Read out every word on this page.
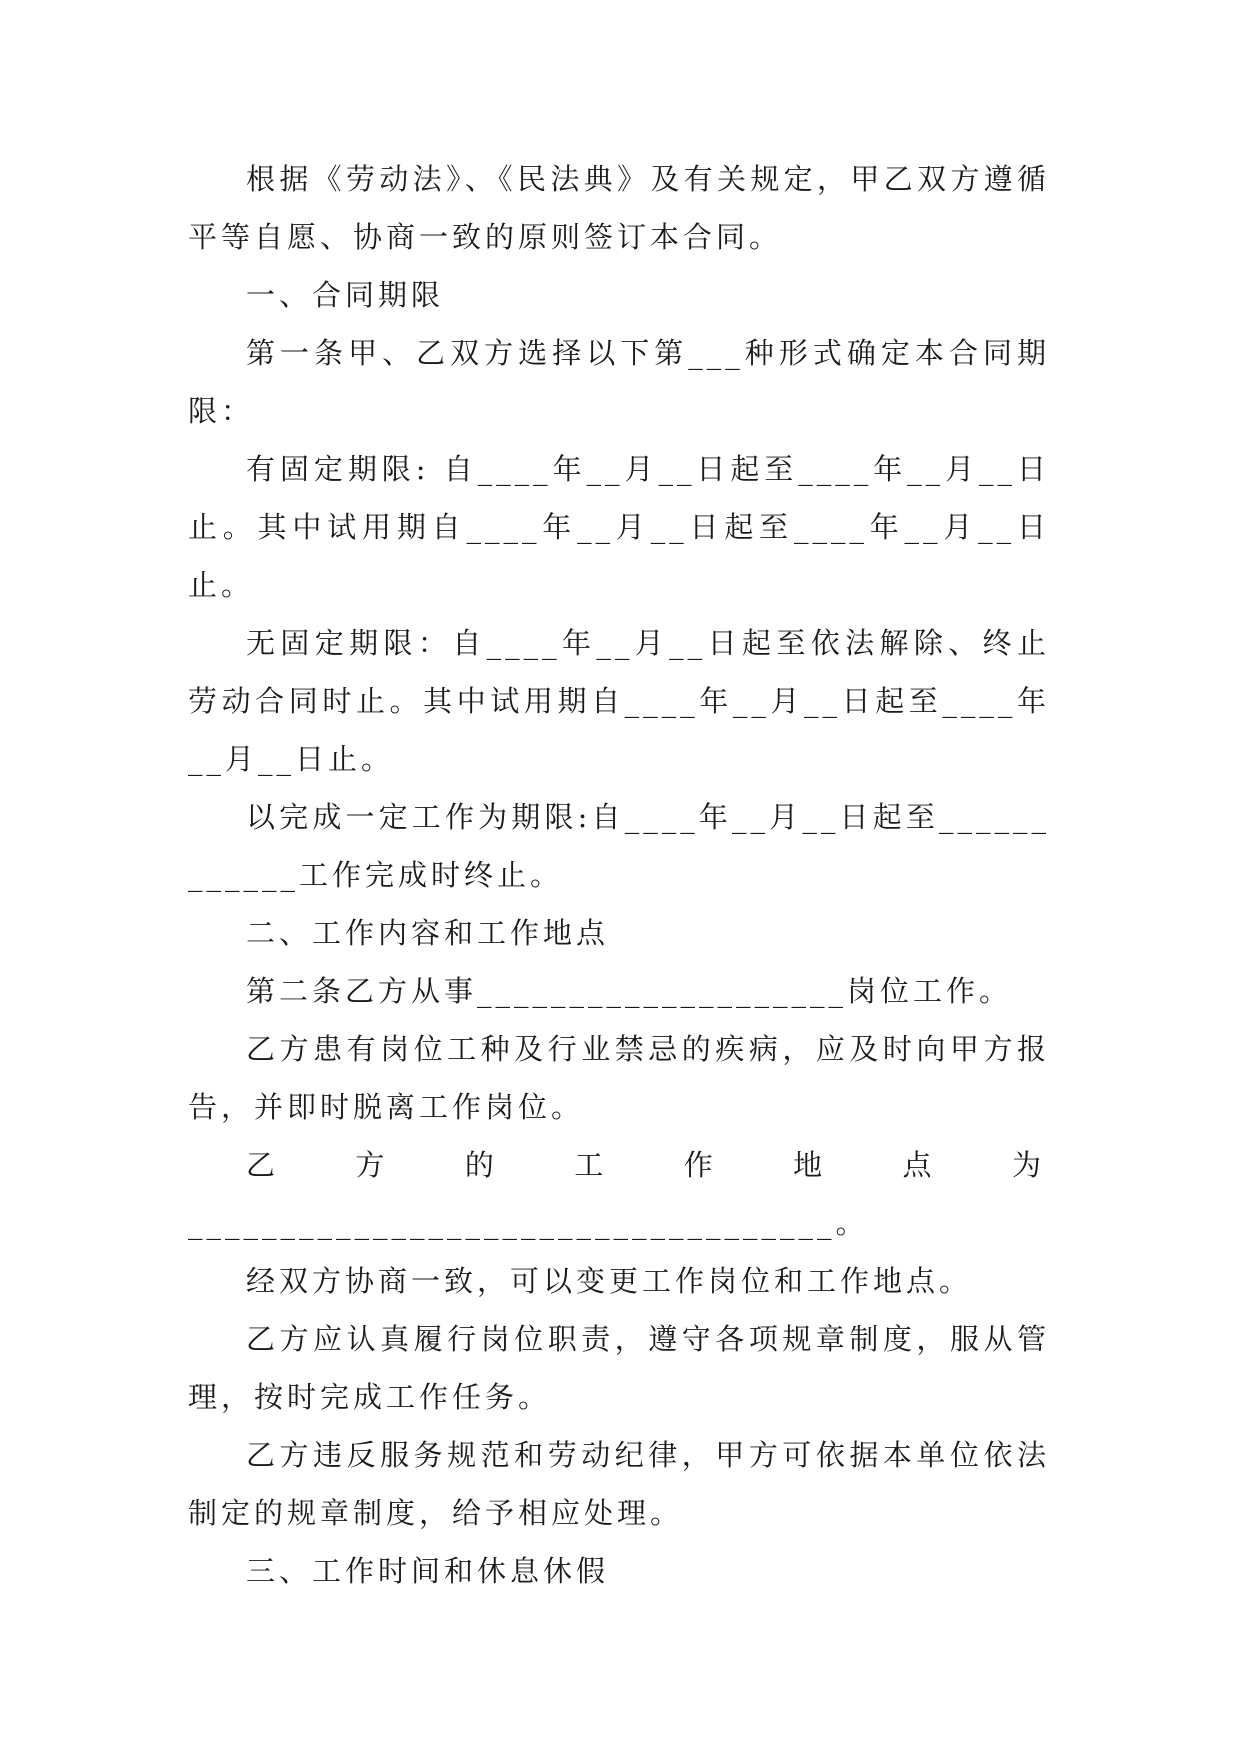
根据《劳动法》、《民法典》及有关规定，甲乙双方遵循平等自愿、协商一致的原则签订本合同。

一、合同期限

第一条甲、乙双方选择以下第___种形式确定本合同期限：

有固定期限: 自____年__月__日起至____年__月__日止。其中试用期自____年__月__日起至____年__月__日止。

无固定期限：自____年__月__日起至依法解除、终止劳动合同时止。其中试用期自____年__月__日起至____年__月__日止。

以完成一定工作为期限:自____年__月__日起至____________工作完成时终止。

二、工作内容和工作地点

第二条乙方从事____________________岗位工作。

乙方患有岗位工种及行业禁忌的疾病，应及时向甲方报告，并即时脱离工作岗位。

乙方的工作地点为

___________________________________。

经双方协商一致，可以变更工作岗位和工作地点。

乙方应认真履行岗位职责，遵守各项规章制度，服从管理，按时完成工作任务。

乙方违反服务规范和劳动纪律，甲方可依据本单位依法制定的规章制度，给予相应处理。

三、工作时间和休息休假
